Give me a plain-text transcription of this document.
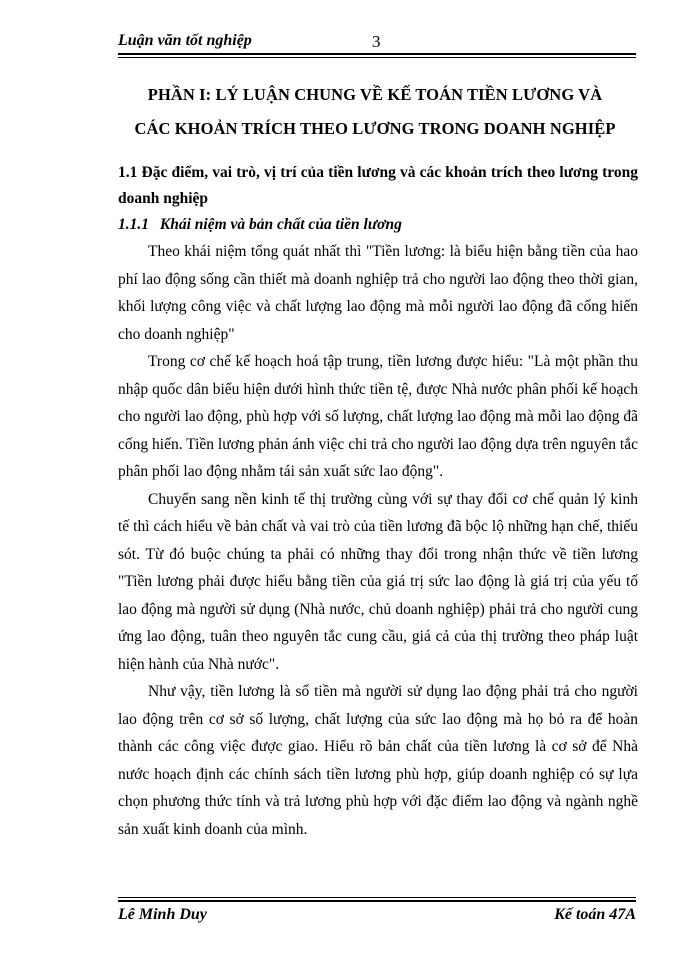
Luận văn tốt nghiệp	3
PHẦN I: LÝ LUẬN CHUNG VỀ KẾ TOÁN TIỀN LƯƠNG VÀ
CÁC KHOẢN TRÍCH THEO LƯƠNG TRONG DOANH NGHIỆP
1.1 Đặc điểm, vai trò, vị trí của tiền lương và các khoản trích theo lương trong doanh nghiệp
1.1.1 Khái niệm và bản chất của tiền lương

Theo khái niệm tổng quát nhất thì "Tiền lương: là biểu hiện bằng tiền của hao phí lao động sống cần thiết mà doanh nghiệp trả cho người lao động theo thời gian, khối lượng công việc và chất lượng lao động mà mỗi người lao động đã cống hiến cho doanh nghiệp"

Trong cơ chế kế hoạch hoá tập trung, tiền lương được hiểu: "Là một phần thu nhập quốc dân biểu hiện dưới hình thức tiền tệ, được Nhà nước phân phối kế hoạch cho người lao động, phù hợp với số lượng, chất lượng lao động mà mỗi lao động đã cống hiến. Tiền lương phản ánh việc chi trả cho người lao động dựa trên nguyên tắc phân phối lao động nhằm tái sản xuất sức lao động".

Chuyển sang nền kinh tế thị trường cùng với sự thay đổi cơ chế quản lý kinh tế thì cách hiểu về bản chất và vai trò của tiền lương đã bộc lộ những hạn chế, thiếu sót. Từ đó buộc chúng ta phải có những thay đổi trong nhận thức về tiền lương "Tiền lương phải được hiểu bằng tiền của giá trị sức lao động là giá trị của yếu tố lao động mà người sử dụng (Nhà nước, chủ doanh nghiệp) phải trả cho người cung ứng lao động, tuân theo nguyên tắc cung cầu, giá cả của thị trường theo pháp luật hiện hành của Nhà nước".

Như vậy, tiền lương là số tiền mà người sử dụng lao động phải trả cho người lao động trên cơ sở số lượng, chất lượng của sức lao động mà họ bỏ ra để hoàn thành các công việc được giao. Hiểu rõ bản chất của tiền lương là cơ sở để Nhà nước hoạch định các chính sách tiền lương phù hợp, giúp doanh nghiệp có sự lựa chọn phương thức tính và trả lương phù hợp với đặc điểm lao động và ngành nghề sản xuất kinh doanh của mình.

Lê Minh Duy	Kế toán 47A
